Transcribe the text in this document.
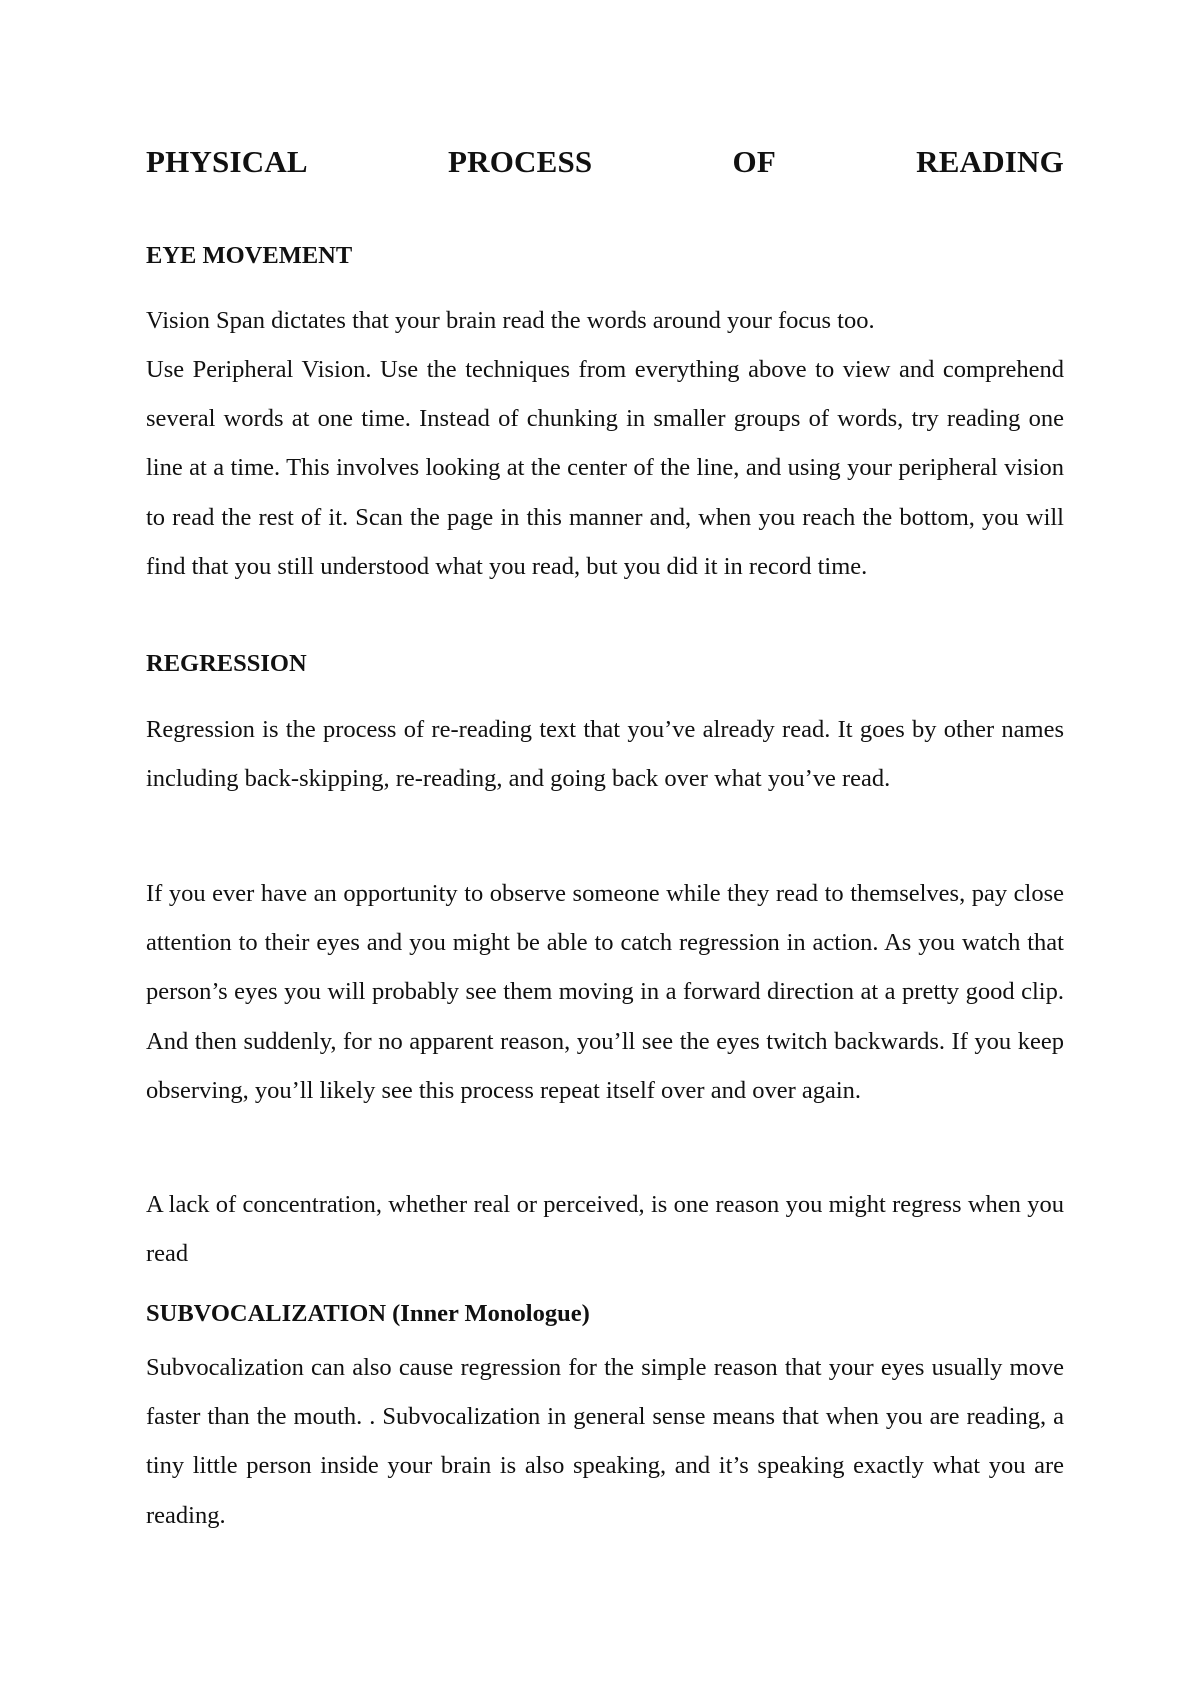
PHYSICAL	PROCESS	OF	READING
EYE MOVEMENT

Vision Span dictates that your brain read the words around your focus too.

Use Peripheral Vision. Use the techniques from everything above to view and comprehend several words at one time. Instead of chunking in smaller groups of words, try reading one line at a time. This involves looking at the center of the line, and using your peripheral vision to read the rest of it. Scan the page in this manner and, when you reach the bottom, you will find that you still understood what you read, but you did it in record time.

REGRESSION

Regression is the process of re-reading text that you’ve already read. It goes by other names including back-skipping, re-reading, and going back over what you’ve read.

If you ever have an opportunity to observe someone while they read to themselves, pay close attention to their eyes and you might be able to catch regression in action. As you watch that person’s eyes you will probably see them moving in a forward direction at a pretty good clip. And then suddenly, for no apparent reason, you’ll see the eyes twitch backwards. If you keep observing, you’ll likely see this process repeat itself over and over again.

A lack of concentration, whether real or perceived, is one reason you might regress when you read

SUBVOCALIZATION (Inner Monologue)

Subvocalization can also cause regression for the simple reason that your eyes usually move faster than the mouth. . Subvocalization in general sense means that when you are reading, a tiny little person inside your brain is also speaking, and it’s speaking exactly what you are reading.
